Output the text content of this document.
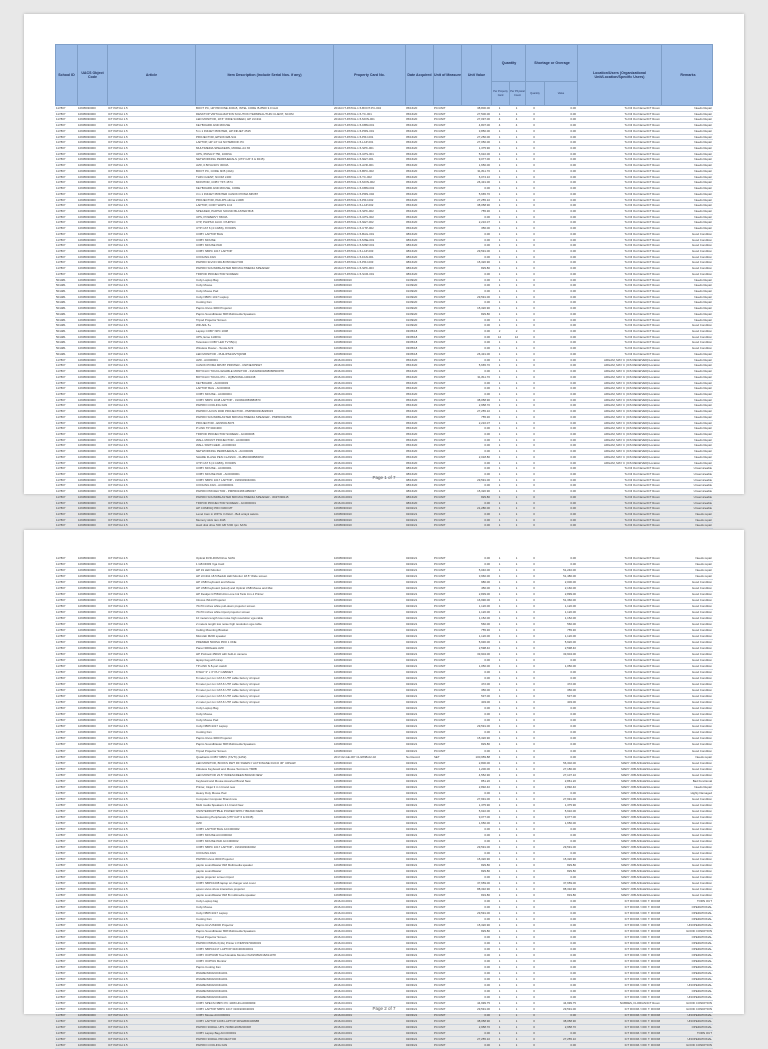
School ID
UACS Object Code
Article	Item Description (include Serial Nos. if any)	Property Card No.	Date Acquired Unit of Measure	Unit Value
Quantity
Per Property Card
Per Physical Count
Shortage or Overage
Quantity	Value
Location/Users (Organizational Unit/Location/Specific Users)
Remarks
117807	10605030000	ICT PATCH 1.5	BOOT PC, HP PROONE 400G5, INTEL CORE I5-8500 3.0 GHz	2019-ICT-PATCH-1.5-BOOT-PC-004	05/16/20	PC/UNIT	38,800.00	1	1	0	0.00	To Fill Out Name/ICT Room	Needs Repair
117807	10605030000	ICT PATCH 1.5	DESKTOP VIRTUALIZATION SOLUTION TERMINAL/THIN CLIENT, NCOM	2019-ICT-PATCH-1.5-TC-001	05/16/20	PC/UNIT	27,500.00	1	1	0	0.00	To Fill Out Name/ICT Room	Needs Repair
117807	10605030000	ICT PATCH 1.5	LED MONITOR, 18.5" WIDE SCREEN, HP LV1911	2019-ICT-PATCH-1.5-MON-001	05/16/20	PC/UNIT	27,097.00	4	4	0	0.00	To Fill Out Name/ICT Room	Needs Repair
117807	10605030000	ICT PATCH 1.5	KEYBOARD AND MOUSE	2019-ICT-PATCH-1.5-KBM-001	05/16/20	PC/UNIT	4,807.00	4	4	0	0.00	To Fill Out Name/ICT Room	Needs Repair
117807	10605030000	ICT PATCH 1.5	5 in 1 INKJET PRINTER, HP INKJET 2515	2019-ICT-PATCH-1.5-PRN-001	05/16/20	PC/UNIT	3,850.00	1	1	0	0.00	To Fill Out Name/ICT Room	Needs Repair
117807	10605030000	ICT PATCH 1.5	PROJECTOR, EPSON EB-S41	2019-ICT-PATCH-1.5-PRJ-001	05/16/20	PC/UNIT	27,250.00	1	1	0	0.00	To Fill Out Name/ICT Room	Needs Repair
117807	10605030000	ICT PATCH 1.5	LAPTOP, HP 14" G2 NOTEBOOK PC	2019-ICT-PATCH-1.5-LAP-001	05/16/20	PC/UNIT	27,050.00	1	1	0	0.00	To Fill Out Name/ICT Room	Needs Repair
117807	10605030000	ICT PATCH 1.5	MULTIMEDIA SPEAKERS, MODEL A4 X6	2019-ICT-PATCH-1.5-SPK-001	05/16/20	PC/UNIT	1,375.90	1	1	0	0.00	To Fill Out Name/ICT Room	Needs Repair
117807	10605030000	ICT PATCH 1.5	UPS, 650VA P 750, 1000VA	2019-ICT-PATCH-1.5-UPS-001	05/16/20	PC/UNIT	5,910.00	1	1	0	0.00	To Fill Out Name/ICT Room	Needs Repair
117807	10605030000	ICT PATCH 1.5	NETWORKING PERIPHERALS (UTP CAT 6 & RJ45)	2019-ICT-PATCH-1.5-NET-001	05/16/20	PC/UNIT	9,077.00	1	1	0	0.00	To Fill Out Name/ICT Room	Needs Repair
117807	10605030000	ICT PATCH 1.5	AVR, 0.5KVA/1KV 300VA	2019-ICT-PATCH-1.5-AVR-001	05/16/20	PC/UNIT	1,650.00	1	1	0	0.00	To Fill Out Name/ICT Room	Needs Repair
117807	10605030000	ICT PATCH 1.5	BOOT PC, CORE I3/I5 (4Gb)	2019-ICT-PATCH-1.5-BPC-002	05/16/20	PC/UNIT	31,811.70	1	1	0	0.00	To Fill Out Name/ICT Room	Needs Repair
117807	10605030000	ICT PATCH 1.5	THIN CLIENT, NCOM L300	2019-ICT-PATCH-1.5-TC-002	05/16/20	PC/UNIT	6,074.10	1	1	0	0.00	To Fill Out Name/ICT Room	Needs Repair
117807	10605030000	ICT PATCH 1.5	MONITOR, COBY TFT-1574	2019-ICT-PATCH-1.5-MON-002	05/16/20	PC/UNIT	26,431.00	1	1	0	0.00	To Fill Out Name/ICT Room	Needs Repair
117807	10605030000	ICT PATCH 1.5	KEYBOARD AND MOUSE, CORE	2019-ICT-PATCH-1.5-KBM-002	05/16/20	PC/UNIT	0.00	1	1	0	0.00	To Fill Out Name/ICT Room	Needs Repair
117807	10605030000	ICT PATCH 1.5	3 in 1 INKJET PRINTER CANON PIXMA MP287	2019-ICT-PATCH-1.5-PRN-002	05/16/20	PC/UNIT	5,665.70	1	1	0	0.00	To Fill Out Name/ICT Room	Needs Repair
117807	10605030000	ICT PATCH 1.5	PROJECTOR, PHILIPS ultima x1008	2019-ICT-PATCH-1.5-PRJ-002	05/16/20	PC/UNIT	27,255.10	1	1	0	0.00	To Fill Out Name/ICT Room	Needs Repair
117807	10605030000	ICT PATCH 1.5	LAPTOP, CORY WAPS 1C4	2019-ICT-PATCH-1.5-LAP-002	05/16/20	PC/UNIT	38,058.90	1	1	0	0.00	To Fill Out Name/ICT Room	Needs Repair
117807	10605030000	ICT PATCH 1.5	SPEAKER, PHIPSO SOUND BLASTER B18	2019-ICT-PATCH-1.5-SPK-002	05/16/20	PC/UNIT	755.30	1	1	0	0.00	To Fill Out Name/ICT Room	Needs Repair
117807	10605030000	ICT PATCH 1.5	UPS, POWERVY 650VA	2019-ICT-PATCH-1.5-UPS-002	05/16/20	PC/UNIT	0.00	1	1	0	0.00	To Fill Out Name/ICT Room	Needs Repair
117807	10605030000	ICT PATCH 1.5	UTP, PHIPSO JACK / PHIPSO	2019-ICT-PATCH-1.5-NET-002	05/16/20	PC/UNIT	2,216.07	1	1	0	0.00	To Fill Out Name/ICT Room	Needs Repair
117807	10605030000	ICT PATCH 1.5	UTP CAT 6 (4 CABS), 8 PAIRS	2019-ICT-PATCH-1.5-UTP-002	05/16/20	PC/UNIT	356.00	1	1	0	0.00	To Fill Out Name/ICT Room	Needs Repair
117807	10605030000	ICT PATCH 1.5	COBY LAPTOP BAG	2019-ICT-PATCH-1.5-BAG-001	08/16/20	PC/UNIT	0.00	1	1	0	0.00	To Fill Out Name/ICT Room	Good Condition
117807	10605030000	ICT PATCH 1.5	COBY MOUSE	2019-ICT-PATCH-1.5-MSE-001	08/16/20	PC/UNIT	0.00	1	1	0	0.00	To Fill Out Name/ICT Room	Good Condition
117807	10605030000	ICT PATCH 1.5	COBY MOUSE PAD	2019-ICT-PATCH-1.5-MSP-001	08/16/20	PC/UNIT	0.00	1	1	0	0.00	To Fill Out Name/ICT Room	Good Condition
117807	10605030000	ICT PATCH 1.5	COBY NBPC 1017 LAPTOP	2019-ICT-PATCH-1.5-LAP-003	08/16/20	PC/UNIT	29,591.00	1	1	0	0.00	To Fill Out Name/ICT Room	Good Condition
117807	10605030000	ICT PATCH 1.5	COOLING FAN	2019-ICT-PATCH-1.5-FAN-001	08/16/20	PC/UNIT	0.00	1	1	0	0.00	To Fill Out Name/ICT Room	Good Condition
117807	10605030000	ICT PATCH 1.5	PAPRIO 3LVCN 3DLB PROJECTOR	2019-ICT-PATCH-1.5-PRJ-003	08/16/20	PC/UNIT	15,320.90	1	1	0	0.00	To Fill Out Name/ICT Room	Good Condition
117807	10605030000	ICT PATCH 1.5	PAPRIO SOUNDBLASTER 808 MULTIMEDIA SPEAKER	2019-ICT-PATCH-1.5-SPK-003	08/16/20	PC/UNIT	829.80	1	1	0	0.00	To Fill Out Name/ICT Room	Good Condition
117807	10605030000	ICT PATCH 1.5	TRIPOD PROJECTOR SCREEN	2019-ICT-PATCH-1.5-SCR-001	08/16/20	PC/UNIT	0.00	1	1	0	0.00	To Fill Out Name/ICT Room	Good Condition
501481	10605030000	ICT PATCH 2.5	Coby Laptop Bag	10605030010	01/09/20	PC/UNIT	0.00	1	1	0	0.00	To Fill Out Name/ICT Room	Needs Repair
501481	10605030000	ICT PATCH 2.5	Coby Mouse	10605030010	01/09/20	PC/UNIT	0.00	1	1	0	0.00	To Fill Out Name/ICT Room	Needs Repair
501481	10605030000	ICT PATCH 2.5	Coby Mouse Pad	10605030010	01/09/20	PC/UNIT	0.00	1	1	0	0.00	To Fill Out Name/ICT Room	Needs Repair
501481	10605030000	ICT PATCH 2.5	Coby NBPC 1017 Laptop	10605030010	01/09/20	PC/UNIT	29,591.00	1	1	0	0.00	To Fill Out Name/ICT Room	Needs Repair
501481	10605030000	ICT PATCH 2.5	Cooling Fan	10605030010	01/09/20	PC/UNIT	0.00	1	1	0	0.00	To Fill Out Name/ICT Room	Needs Repair
501481	10605030000	ICT PATCH 2.5	Paprio Ulvus 3000 Projector	10605030010	01/09/20	PC/UNIT	15,320.90	1	1	0	0.00	To Fill Out Name/ICT Room	Needs Repair
501481	10605030000	ICT PATCH 2.5	Paprio Soundblaster 808 Multimedia Speakers	10605030010	01/09/20	PC/UNIT	829.80	1	1	0	0.00	To Fill Out Name/ICT Room	Needs Repair
501481	10605030000	ICT PATCH 2.5	Tripod Projector Screen	10605030010	01/09/20	PC/UNIT	0.00	1	1	0	0.00	To Fill Out Name/ICT Room	Needs Repair
501481	10605030000	ICT PATCH 2.5	Wifi ADL 5+	10605030010	01/09/20	PC/UNIT	0.00	1	1	0	0.00	To Fill Out Name/ICT Room	Good Condition
501481	10605030000	ICT PATCH 2.5	Laptop COBY NPC 1008	10605030010	03/05/18	PC/UNIT	0.00	2	2	0	0.00	To Fill Out Name/ICT Room	Good Condition
501481	10605030000	ICT PATCH 2.5	UPS, Ecoe 1100VA	10605030010	03/05/18	PC/UNIT	0.00	12	12	0	0.00	To Fill Out Name/ICT Room	Good Condition
501481	10605030000	ICT PATCH 2.5	Television COBY LED TV 55(in)	10605030010	03/05/18	PC/UNIT	0.00	1	1	0	0.00	To Fill Out Name/ICT Room	Good Condition
501481	10605030000	ICT PATCH 2.5	Wireless Router - Tenda AC9	10605030010	03/05/18	PC/UNIT	0.00	1	1	0	0.00	To Fill Out Name/ICT Room	Good Condition
501481	10605030000	ICT PATCH 2.5	LED MONITOR - PHILIPS243V7QDSB	10605030010	03/05/18	PC/UNIT	26,431.00	1	1	0	0.00	To Fill Out Name/ICT Room	Needs Repair
117807	10605030000	ICT PATCH 2.5	AVR - AC000001	2016-00-0001	05/16/20	PC/UNIT	0.00	1	1	0	0.00	ARGAM, MAY C (ICS RECEIVED)/Location	Needs Repair
117807	10605030000	ICT PATCH 2.5	CANON PIXMA MP287 PRINTER - CNP3EXP9927	2016-00-0001	05/16/20	PC/UNIT	5,665.70	1	1	0	0.00	ARGAM, MAY C (ICS RECEIVED)/Location	Needs Repair
117807	10605030000	ICT PATCH 2.5	BOTICLIO TOUCH ENABLE MONITOR - INAS08201808086500978	2016-00-0001	05/16/20	PC/UNIT	0.00	1	1	0	0.00	ARGAM, MAY C (ICS RECEIVED)/Location	Needs Repair
117807	10605030000	ICT PATCH 2.5	BOTICLIO TOUCH PC - 3QBV03N1L1001038	2016-00-0001	05/16/20	PC/UNIT	31,811.70	1	1	0	0.00	ARGAM, MAY C (ICS RECEIVED)/Location	Needs Repair
117807	10605030000	ICT PATCH 2.5	KEYBOARD - AC000003	2016-00-0001	05/16/20	PC/UNIT	0.00	1	1	0	0.00	ARGAM, MAY C (ICS RECEIVED)/Location	Needs Repair
117807	10605030000	ICT PATCH 2.5	LAPTOP BAG - AC000004	2016-00-0001	05/16/20	PC/UNIT	0.00	1	1	0	0.00	ARGAM, MAY C (ICS RECEIVED)/Location	Needs Repair
117807	10605030000	ICT PATCH 2.5	COBY MOUSE - AC000004	2016-00-0001	05/16/20	PC/UNIT	0.00	1	1	0	0.00	ARGAM, MAY C (ICS RECEIVED)/Location	Needs Repair
117807	10605030000	ICT PATCH 2.5	COBY NBPC 1048 LAPTOP - 3100910883883870	2016-00-0001	05/16/20	PC/UNIT	38,058.90	1	1	0	0.00	ARGAM, MAY C (ICS RECEIVED)/Location	Needs Repair
117807	10605030000	ICT PATCH 2.5	PAPRIO COOLING FAN	2016-00-0001	05/16/20	PC/UNIT	2,958.70	1	1	0	0.00	ARGAM, MAY C (ICS RECEIVED)/Location	Needs Repair
117807	10605030000	ICT PATCH 2.5	PAPRIO ULVUS 3000 PROJECTOR - PMPR0003182Z6615	2016-00-0001	05/16/20	PC/UNIT	27,255.10	1	1	0	0.00	ARGAM, MAY C (ICS RECEIVED)/Location	Needs Repair
117807	10605030000	ICT PATCH 2.5	PAPRIO SOUNDBLASTER 808 MULTIMEDIA SPEAKER - PMPR0022536	2016-00-0001	05/16/20	PC/UNIT	755.30	1	1	0	0.00	ARGAM, MAY C (ICS RECEIVED)/Location	Needs Repair
117807	10605030000	ICT PATCH 2.5	PROJECTOR - ENS5OL5076	2016-00-0001	05/16/20	PC/UNIT	2,216.07	1	1	0	0.00	ARGAM, MAY C (ICS RECEIVED)/Location	Needs Repair
117807	10605030000	ICT PATCH 2.5	P LINK TP 3021900	2016-00-0001	05/16/20	PC/UNIT	0.00	1	1	0	0.00	ARGAM, MAY C (ICS RECEIVED)/Location	Needs Repair
117807	10605030000	ICT PATCH 2.5	TRIPOD PROJECTOR SCREEN - AC000008	2016-00-0001	05/16/20	PC/UNIT	0.00	1	1	0	0.00	ARGAM, MAY C (ICS RECEIVED)/Location	Needs Repair
117807	10605030000	ICT PATCH 2.5	WALL MOUNT PROJECTOR - AC000009	2016-00-0001	05/16/20	PC/UNIT	0.00	1	1	0	0.00	ARGAM, MAY C (ICS RECEIVED)/Location	Needs Repair
117807	10605030000	ICT PATCH 2.5	WALL SWITCHER - AC000010	2016-00-0001	05/16/20	PC/UNIT	0.00	1	1	0	0.00	ARGAM, MAY C (ICS RECEIVED)/Location	Needs Repair
117807	10605030000	ICT PATCH 2.5	NETWORKING PERIPHERALS - AC000009	2016-00-0001	05/16/20	PC/UNIT	0.00	1	1	0	0.00	ARGAM, MAY C (ICS RECEIVED)/Location	Needs Repair
117807	10605030000	ICT PATCH 2.5	SHARE FLASH PEN CLASSIC - FL3B03000B83050	2016-00-0001	05/16/20	PC/UNIT	2,018.80	1	1	0	0.00	ARGAM, MAY C (ICS RECEIVED)/Location	Needs Repair
117807	10605030000	ICT PATCH 2.5	UTP CAT 6 (4 CABS), 8 PAIRS	2016-00-0001	05/16/20	PC/UNIT	0.00	1	1	0	0.00	ARGAM, MAY C (ICS RECEIVED)/Location	Needs Repair
117807	10605030000	ICT PATCH 2.5	COBY MOUSE - AC000001	2016-00-0001	08/16/20	PC/UNIT	0.00	1	1	0	0.00	To Fill Out Name/ICT Room	Unserviceable
117807	10605030000	ICT PATCH 2.5	COBY MOUSE PAD - AC0000001	2016-00-0001	08/16/20	PC/UNIT	0.00	1	1	0	0.00	To Fill Out Name/ICT Room	Unserviceable
117807	10605030000	ICT PATCH 2.5	COBY NBPC 1017 LAPTOP - 3181903040001	2016-00-0001	08/16/20	PC/UNIT	29,591.00	1	1	0	0.00	To Fill Out Name/ICT Room	Unserviceable
117807	10605030000	ICT PATCH 2.5	COOLING FAN - AC0000001	2016-00-0001	08/16/20	PC/UNIT	0.00	1	1	0	0.00	To Fill Out Name/ICT Room	Unserviceable
117807	10605030000	ICT PATCH 2.5	PAPRIO PROJECTOR - PMPR0136513B6037	2016-00-0001	08/16/20	PC/UNIT	15,320.90	1	1	0	0.00	To Fill Out Name/ICT Room	Unserviceable
117807	10605030000	ICT PATCH 2.5	PAPRIO SOUNDBLASTER 808 MULTIMEDIA SPEAKER - 3DZ7390115	2016-00-0001	08/16/20	PC/UNIT	829.80	1	1	0	0.00	To Fill Out Name/ICT Room	Unserviceable
117807	10605030000	ICT PATCH 2.5	TRIPOD PROJECTOR SCREEN - AC0000001	2016-00-0001	08/16/20	PC/UNIT	0.00	1	1	0	0.00	To Fill Out Name/ICT Room	Unserviceable
117807	10605030000	ICT PATCH 2.5	HP COMPAQ PRO 6300 MT	10605030010	02/02/21	PC/UNIT	21,280.00	1	1	0	0.00	To Fill Out Name/ICT Room	Unserviceable
117807	10605030000	ICT PATCH 2.5	Lenel Cam in W4TG 3 2GHz - Belt arrayk saiuito	10605030010	02/02/21	PC/UNIT	0.00	1	1	0	0.00	To Fill Out Name/ICT Room	Needs repair
117807	10605030000	ICT PATCH 2.5	Memory stick ram 4GB	10605030010	02/02/21	PC/UNIT	0.00	1	1	0	0.00	To Fill Out Name/ICT Room	Needs repair
117807	10605030000	ICT PATCH 2.5	Hard disk drive 500 GB 7200 rpm SATA	10605030010	02/02/21	PC/UNIT	0.00	1	1	0	0.00	To Fill Out Name/ICT Room	Needs repair
Page 1 of 7
117807	10605030000	ICT PATCH 2.5	Optical DVD-ROM Drive SATA	10605030010	02/02/21	PC/UNIT	0.00	1	1	0	0.00	To Fill Out Name/ICT Room	Needs repair
117807	10605030000	ICT PATCH 2.5	1 GB DDR3 Vga Card	10605030010	02/02/21	PC/UNIT	0.00	1	1	0	0.00	To Fill Out Name/ICT Room	Needs repair
117807	10605030000	ICT PATCH 2.5	HP 19 LED Monitor	10605030010	02/02/21	PC/UNIT	5,040.00	1	1	0	51,240.00	To Fill Out Name/ICT Room	Needs repair
117807	10605030000	ICT PATCH 2.5	HP LV1911 18.5 Backlit LED Monitor 18.5" Wide screen	10605030010	02/02/21	PC/UNIT	3,960.00	1	1	0	51,480.00	To Fill Out Name/ICT Room	Needs repair
117807	10605030000	ICT PATCH 2.5	HP USB Keyboard and Mouse	10605030010	02/02/21	PC/UNIT	980.00	1	1	0	2,000.00	To Fill Out Name/ICT Room	Good Condition
117807	10605030000	ICT PATCH 2.5	HP USB Keyboard (wired) and Optical USB Mouse and Mat	10605030010	02/02/21	PC/UNIT	450.00	1	1	0	2,160.00	To Fill Out Name/ICT Room	Good Condition
117807	10605030000	ICT PATCH 2.5	HP Deskjet GT5810 All-in-one Ink Tank 3-in-1 Printer	10605030010	02/02/21	PC/UNIT	2,839.00	1	1	0	2,899.00	To Fill Out Name/ICT Room	Good Condition
117807	10605030000	ICT PATCH 2.5	Infocus IN114 Projector	10605030010	02/02/21	PC/UNIT	16,990.00	1	1	0	51,360.00	To Fill Out Name/ICT Room	Good Condition
117807	10605030000	ICT PATCH 2.5	70x70 inches white pull-down projector screen	10605030010	02/02/21	PC/UNIT	1,120.00	1	1	0	1,120.00	To Fill Out Name/ICT Room	Good Condition
117807	10605030000	ICT PATCH 2.5	70x70 inches white tripod projector screen	10605030010	02/02/21	PC/UNIT	1,120.00	1	1	0	1,120.00	To Fill Out Name/ICT Room	Good Condition
117807	10605030000	ICT PATCH 2.5	10 meters length low noise high resolution vga cable	10605030010	02/02/21	PC/UNIT	1,152.00	1	1	0	1,152.00	To Fill Out Name/ICT Room	Good Condition
117807	10605030000	ICT PATCH 2.5	2 meters length low noise high resolution vga cable	10605030010	02/02/21	PC/UNIT	560.00	1	1	0	560.00	To Fill Out Name/ICT Room	Good Condition
117807	10605030000	ICT PATCH 2.5	Ceiling Mounting Bracket	10605030010	02/02/21	PC/UNIT	755.30	1	1	0	755.30	To Fill Out Name/ICT Room	Good Condition
117807	10605030000	ICT PATCH 2.5	Microlab M200 speaker	10605030010	02/02/21	PC/UNIT	1,120.00	1	1	0	1,120.00	To Fill Out Name/ICT Room	Good Condition
117807	10605030000	ICT PATCH 2.5	PREMIER 5000VA PRO 1 ONE	10605030010	02/02/21	PC/UNIT	5,930.00	1	1	0	5,920.00	To Fill Out Name/ICT Room	Good Condition
117807	10605030000	ICT PATCH 2.5	Panel 3000watts AVR	10605030010	02/02/21	PC/UNIT	2,598.40	1	1	0	2,598.40	To Fill Out Name/ICT Room	Good Condition
117807	10605030000	ICT PATCH 2.5	HP Probook 450G5 with built-in camera	10605030010	02/02/21	PC/UNIT	33,904.00	1	1	0	33,904.00	To Fill Out Name/ICT Room	Good Condition
117807	10605030000	ICT PATCH 2.5	laptop bag with strap	10605030010	02/02/21	PC/UNIT	0.00	1	1	0	0.00	To Fill Out Name/ICT Room	Good Condition
117807	10605030000	ICT PATCH 2.5	TP-LINK N 8-port switch	10605030010	02/02/21	PC/UNIT	1,050.00	1	1	0	1,050.00	To Fill Out Name/ICT Room	Good Condition
117807	10605030000	ICT PATCH 2.5	8 WAY 3" x 3" PLY CABINET	10605030010	02/02/21	PC/UNIT	0.00	1	1	0	0.00	To Fill Out Name/ICT Room	Good Condition
117807	10605030000	ICT PATCH 2.5	8 meter per run CAT-6 UTP cable factory crimped	10605030010	02/02/21	PC/UNIT	0.00	1	1	0	0.00	To Fill Out Name/ICT Room	Good Condition
117807	10605030000	ICT PATCH 2.5	8 meter per run CAT-6 UTP cable factory crimped	10605030010	02/02/21	PC/UNIT	472.00	1	1	0	472.00	To Fill Out Name/ICT Room	Good Condition
117807	10605030000	ICT PATCH 2.5	8 meter per run CAT-6 UTP cable factory crimped	10605030010	02/02/21	PC/UNIT	356.00	1	1	0	356.00	To Fill Out Name/ICT Room	Good Condition
117807	10605030000	ICT PATCH 2.5	2 meter per run CAT-6 UTP cable factory crimped	10605030010	02/02/21	PC/UNIT	537.00	1	1	0	537.00	To Fill Out Name/ICT Room	Good Condition
117807	10605030000	ICT PATCH 2.5	2 meter per run CAT-6 UTP cable factory crimped	10605030010	02/02/21	PC/UNIT	403.00	1	1	0	403.00	To Fill Out Name/ICT Room	Good Condition
117807	10605030000	ICT PATCH 2.5	Coby Laptop Bag	10605030010	02/02/21	PC/UNIT	0.00	1	1	0	0.00	To Fill Out Name/ICT Room	Good Condition
117807	10605030000	ICT PATCH 2.5	Coby Mouse	10605030010	02/02/21	PC/UNIT	0.00	1	1	0	0.00	To Fill Out Name/ICT Room	Good Condition
117807	10605030000	ICT PATCH 2.5	Coby Mouse Pad	10605030010	02/02/21	PC/UNIT	0.00	1	1	0	0.00	To Fill Out Name/ICT Room	Good Condition
117807	10605030000	ICT PATCH 2.5	Coby NBPC1017 Laptop	10605030010	02/02/21	PC/UNIT	29,591.00	1	1	0	0.00	To Fill Out Name/ICT Room	Good Condition
117807	10605030000	ICT PATCH 2.5	Cooling Fan	10605030010	02/02/21	PC/UNIT	0.00	1	1	0	0.00	To Fill Out Name/ICT Room	Good Condition
117807	10605030000	ICT PATCH 2.5	Paprio Ulvus 3000 Projector	10605030010	02/02/21	PC/UNIT	15,320.90	1	1	0	0.00	To Fill Out Name/ICT Room	Good Condition
117807	10605030000	ICT PATCH 2.5	Paprio Soundblaster 808 Multimedia Speakers	10605030010	02/02/21	PC/UNIT	829.80	1	1	0	0.00	To Fill Out Name/ICT Room	Good Condition
117807	10605030000	ICT PATCH 2.5	Tripod Projector Screen	10605030010	02/02/21	PC/UNIT	0.00	1	1	0	0.00	To Fill Out Name/ICT Room	Good Condition
117807	10605030000	ICT PATCH 2.5	Quadrants COBY NBPC (TA/TI) (1A52)	2017-02-GE-007 CLIWNB-02-02	No Record	SET	100,959.88	1	1	0	0.00	To Fill Out Name/ICT Room	Needs repair
117807	10605030000	ICT PATCH 2.5	LED MONITOR, BOOKS RW7 RF SWEPLY ACTIONANE DUCO 36" URSAW	10605030010	02/03/21	PC/UNIT	2,800.00	1	1	0	56,302.00	MARY JOB ANGLES/Location	Good Condition
117807	10605030000	ICT PATCH 2.5	Wireless Keyboard and Mouse Tecnicom TM8B	10605030010	02/03/21	PC/UNIT	1,200.00	1	1	0	27,180.00	MARY JOB ANGLES/Location	Good Condition
117807	10605030000	ICT PATCH 2.5	LED MONITOR 23.5" WIDESCREEN BRAND NEW	10605030010	02/03/21	PC/UNIT	4,552.90	1	1	0	27,107.10	MARY JOB ANGLES/Location	Good Condition
117807	10605030000	ICT PATCH 2.5	Keyboard and Mouse Assorted Brand New	10605030010	02/03/21	PC/UNIT	851.20	1	1	0	2,861.20	MARY JOB ANGLES/Location	Bad Functional
117807	10605030000	ICT PATCH 2.5	Printer, Inkjet 3 in 1 brand new	10605030010	02/03/21	PC/UNIT	2,892.40	1	1	0	2,892.40	MARY JOB ANGLES/Location	Needs Repair
117807	10605030000	ICT PATCH 2.5	Heavy Duty Mouse Pad	10605030010	02/03/21	PC/UNIT	0.00	1	1	0	0.00	MARY JOB ANGLES/Location	Highly Damaged
117807	10605030000	ICT PATCH 2.5	Computer Computer Brand new	10605030010	02/03/21	PC/UNIT	27,991.00	1	1	0	27,991.00	MARY JOB ANGLES/Location	Good Condition
117807	10605030000	ICT PATCH 2.5	Multi media Speakers 2.1 brand New	10605030010	02/03/21	PC/UNIT	1,375.90	1	1	0	1,375.90	MARY JOB ANGLES/Location	Good Condition
117807	10605030000	ICT PATCH 2.5	UNINTERRUPTIBLE POWER SPPLY BRAND NEW	10605030010	02/03/21	PC/UNIT	5,910.00	1	1	0	5,910.00	MARY JOB ANGLES/Location	Good Condition
117807	10605030000	ICT PATCH 2.5	Networking Peripherals (UTP CAT 6 & RJ45)	10605030010	02/03/21	PC/UNIT	9,077.00	1	1	0	9,077.00	MARY JOB ANGLES/Location	Good Condition
117807	10605030000	ICT PATCH 2.5	AVR	10605030010	02/03/21	PC/UNIT	1,650.00	1	1	0	1,650.00	MARY JOB ANGLES/Location	Good Condition
117807	10605030000	ICT PATCH 2.5	COBY LAPTOP BAG ACC000002	10605030010	02/03/21	PC/UNIT	0.00	1	1	0	0.00	MARY JOB ANGLES/Location	Good Condition
117807	10605030000	ICT PATCH 2.5	COBY MOUSE ACC000002	10605030010	02/03/21	PC/UNIT	0.00	1	1	0	0.00	MARY JOB ANGLES/Location	Good Condition
117807	10605030000	ICT PATCH 2.5	COBY MOUSE PAD ACC000002	10605030010	02/03/21	PC/UNIT	0.00	1	1	0	0.00	MARY JOB ANGLES/Location	Good Condition
117807	10605030000	ICT PATCH 2.5	COBY NBPC 1017 LAPTOP - 3161903040002	10605030010	02/03/21	PC/UNIT	29,591.00	1	1	0	29,591.00	MARY JOB ANGLES/Location	Good Condition
117807	10605030000	ICT PATCH 2.5	COOLING FAN	10605030010	02/03/21	PC/UNIT	0.00	1	1	0	0.00	MARY JOB ANGLES/Location	Good Condition
117807	10605030000	ICT PATCH 2.5	PAPRIO ulvus 3000 Projector	10605030010	02/03/21	PC/UNIT	15,320.90	1	1	0	15,320.90	MARY JOB ANGLES/Location	Good Condition
117807	10605030000	ICT PATCH 2.5	paprio soundblaster 818 Multimedia speaker	10605030010	02/03/21	PC/UNIT	829.80	1	1	0	829.80	MARY JOB ANGLES/Location	Good Condition
117807	10605030000	ICT PATCH 2.5	paprio soundblaster	10605030010	02/03/21	PC/UNIT	829.80	1	1	0	829.80	MARY JOB ANGLES/Location	Good Condition
117807	10605030000	ICT PATCH 2.5	paprio projector screen tripod	10605030010	02/03/21	PC/UNIT	0.00	1	1	0	0.00	MARY JOB ANGLES/Location	Good Condition
117807	10605030000	ICT PATCH 2.5	COBY NBPC1008 laptop w/ charger and cover	10605030010	02/03/21	PC/UNIT	37,659.00	1	1	0	37,659.00	MARY JOB ANGLES/Location	Good Condition
117807	10605030000	ICT PATCH 2.5	epson ulvus show interactive projector	10605030010	02/03/21	PC/UNIT	88,332.90	1	1	0	88,332.90	MARY JOB ANGLES/Location	Good Condition
117807	10605030000	ICT PATCH 2.5	paprio soundblaster 818 B multimedia speaker	10605030010	02/03/21	PC/UNIT	819.80	1	1	0	819.80	MARY JOB ANGLES/Location	Good Condition
117807	10605030000	ICT PATCH 2.5	Coby Laptop bag	2016-03-0001	02/03/21	PC/UNIT	0.00	1	1	0	0.00	ICT ROOM / OFF T. ROOM	TORN OUT
117807	10605030000	ICT PATCH 2.5	Coby Mouse	2016-03-0001	02/03/21	PC/UNIT	0.00	1	1	0	0.00	ICT ROOM / OFF T. ROOM	OPERATIONAL
117807	10605030000	ICT PATCH 2.5	Coby NBPC1017 Laptop	2016-03-0001	02/03/21	PC/UNIT	29,591.00	1	1	0	0.00	ICT ROOM / OFF T. ROOM	OPERATIONAL
117807	10605030000	ICT PATCH 2.5	Cooling Fan	2016-03-0001	02/03/21	PC/UNIT	0.00	1	1	0	0.00	ICT ROOM / OFF T. ROOM	OPERATIONAL
117807	10605030000	ICT PATCH 2.5	Paprio ULVUS3000 Projector	2016-03-0001	02/03/21	PC/UNIT	15,320.90	1	1	0	0.00	ICT ROOM / OFF T. ROOM	UNOPERATIONAL
117807	10605030000	ICT PATCH 2.5	Paprio Soundblaster 808 Multimedia Speakers	2016-03-0001	02/03/21	PC/UNIT	829.80	1	1	0	0.00	ICT ROOM / OFF T. ROOM	GOOD CONDITION
117807	10605030000	ICT PATCH 2.5	Tripod Projector Screen	2016-03-0001	02/03/21	PC/UNIT	0.00	1	1	0	0.00	ICT ROOM / OFF T. ROOM	OPERATIONAL
117807	10605030000	ICT PATCH 2.5	PAPRIO PRIMA X(4G) Printer LYNMP3370030003	2016-03-0001	02/03/21	PC/UNIT	0.00	1	1	0	0.00	ICT ROOM / OFF T. ROOM	OPERATIONAL
117807	10605030000	ICT PATCH 2.5	COBY NBPC1017 LAPTOP 3161903040001	2016-03-0001	02/03/21	PC/UNIT	0.00	1	1	0	0.00	ICT ROOM / OFF T. ROOM	OPERATIONAL
117807	10605030000	ICT PATCH 2.5	COBY OCP531B Touch Enable Monitor INAS5052018AS1078	2016-03-0001	02/03/21	PC/UNIT	0.00	1	1	0	0.00	ICT ROOM / OFF T. ROOM	OPERATIONAL
117807	10605030000	ICT PATCH 2.5	COBY OCP531 Monitor	2016-03-0001	02/03/21	PC/UNIT	0.00	1	1	0	0.00	ICT ROOM / OFF T. ROOM	OPERATIONAL
117807	10605030000	ICT PATCH 2.5	Paprio Cooling Fan	2016-03-0001	02/03/21	PC/UNIT	0.00	1	1	0	0.00	ICT ROOM / OFF T. ROOM	OPERATIONAL
117807	10605030000	ICT PATCH 2.5	#NAME/NDIANO/4G001	2016-03-0001	02/03/21	PC/UNIT	0.00	1	1	0	0.00	ICT ROOM / OFF T. ROOM	OPERATIONAL
117807	10605030000	ICT PATCH 2.5	#NAME/NDIANO/4G001	2016-03-0001	02/03/21	PC/UNIT	0.00	1	1	0	0.00	ICT ROOM / OFF T. ROOM	OPERATIONAL
117807	10605030000	ICT PATCH 2.5	#NAME/NDIANO/4G001	2016-03-0001	02/03/21	PC/UNIT	0.00	1	1	0	0.00	ICT ROOM / OFF T. ROOM	UNOPERATIONAL
117807	10605030000	ICT PATCH 2.5	#NAME/NDIANO/4G001	2016-03-0001	02/03/21	PC/UNIT	0.00	1	1	0	0.00	ICT ROOM / OFF T. ROOM	OPERATIONAL
117807	10605030000	ICT PATCH 2.5	#NAME/NDIANO/4G001	2016-03-0001	02/03/21	PC/UNIT	0.00	1	1	0	0.00	ICT ROOM / OFF T. ROOM	UNOPERATIONAL
117807	10605030000	ICT PATCH 2.5	COBY SPECS NBPC PC 1008 HIG-00009099	2016-03-0001	02/03/21	PC/UNIT	44,999.75	1	1	0	44,999.75	NUBRES, FLORIAN/ICT Room	GOOD CONDITION
117807	10605030000	ICT PATCH 2.5	COBY LAPTOP NBPC 1017 3161903040003	2016-03-0001	02/03/21	PC/UNIT	29,591.00	1	1	0	29,591.00	ICT ROOM / OFF T. ROOM	GOOD CONDITION
117807	10605030000	ICT PATCH 2.5	COBY Mouse ACC000001	2016-03-0001	02/03/21	PC/UNIT	0.00	1	1	0	0.00	ICT ROOM / OFF T. ROOM	UNOPERATIONAL
117807	10605030000	ICT PATCH 2.5	COBY LAPTOP 1008 LAPTOP 3DSHB3043068B	2016-03-0001	02/03/21	PC/UNIT	38,058.90	1	1	0	38,058.90	ICT ROOM / OFF T. ROOM	UNOPERATIONAL
117807	10605030000	ICT PATCH 2.5	PAPRIO 3000HL UPS 7208012035200308	2016-03-0001	02/03/21	PC/UNIT	2,958.70	1	1	0	2,958.70	ICT ROOM / OFF T. ROOM	OPERATIONAL
117807	10605030000	ICT PATCH 2.5	COBY Laptop Bag ACC000001	2016-03-0001	02/03/21	PC/UNIT	0.00	1	1	0	0.00	ICT ROOM / OFF T. ROOM	TORN OUT
117807	10605030000	ICT PATCH 2.5	PAPRIO 3000HL PROJECTOR	2016-03-0001	02/03/21	PC/UNIT	27,255.10	1	1	0	27,255.10	ICT ROOM / OFF T. ROOM	UNOPERATIONAL
117807	10605030000	ICT PATCH 2.5	PAPRIO COOLING FAN	2016-03-0001	02/03/21	PC/UNIT	0.00	1	1	0	0.00	ICT ROOM / OFF T. ROOM	GOOD CONDITION
Page 2 of 7
